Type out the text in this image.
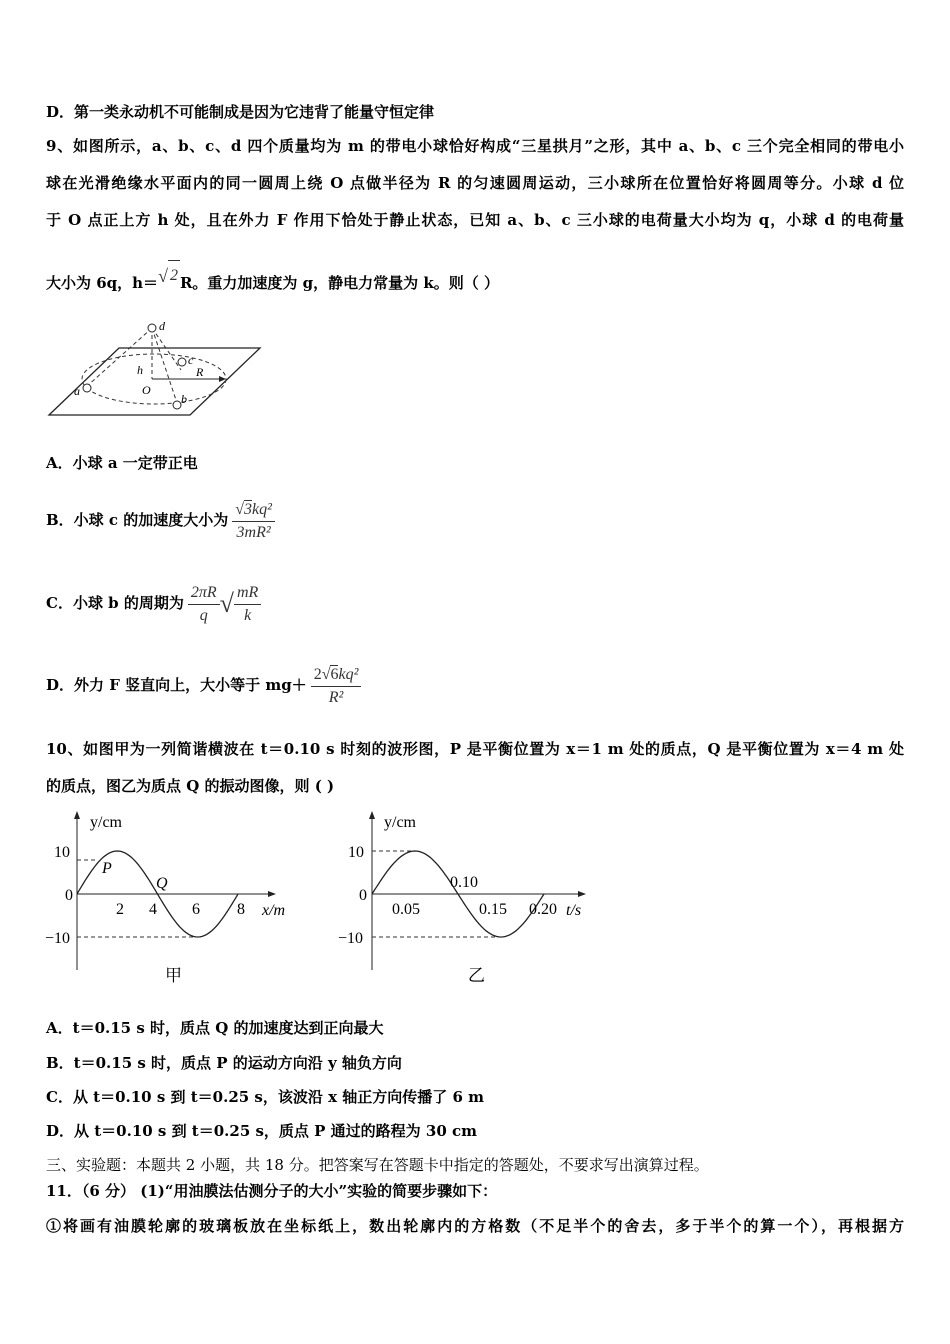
D．第一类永动机不可能制成是因为它违背了能量守恒定律
9、如图所示，a、b、c、d 四个质量均为 m 的带电小球恰好构成“三星拱月”之形，其中 a、b、c 三个完全相同的带电小
球在光滑绝缘水平面内的同一圆周上绕 O 点做半径为 R 的匀速圆周运动，三小球所在位置恰好将圆周等分。小球 d 位
于 O 点正上方 h 处，且在外力 F 作用下恰处于静止状态，已知 a、b、c 三小球的电荷量大小均为 q，小球 d 的电荷量
大小为 6q，h＝√ 2 R。重力加速度为 g，静电力常量为 k。则（ ）
d
c
a
b
h
O
R
A．小球 a 一定带正电
B．小球 c 的加速度大小为 $\frac{\text{√3kq²}}{\text{3mR²}}$
C．小球 b 的周期为 $\frac{2\pi R}{q}$ √ $\frac{mR}{k}$
D．外力 F 竖直向上，大小等于 $mg+ \frac{\text{2√6kq²}}{\text{R²}}$
10、如图甲为一列简谐横波在 t＝0.10 s 时刻的波形图，P 是平衡位置为 x＝1 m 处的质点，Q 是平衡位置为 x＝4 m 处
的质点，图乙为质点 Q 的振动图像，则 ( )
y/cm
10
0
−10
2 4 6 8 x/m
P
Q
甲
y/cm
10
0
−10
0.05
0.10
0.15 0.20 t/s
乙
A．t＝0.15 s 时，质点 Q 的加速度达到正向最大
B．t＝0.15 s 时，质点 P 的运动方向沿 y 轴负方向
C．从 t＝0.10 s 到 t＝0.25 s，该波沿 x 轴正方向传播了 6 m
D．从 t＝0.10 s 到 t＝0.25 s，质点 P 通过的路程为 30 cm
三、实验题：本题共 2 小题，共 18 分。把答案写在答题卡中指定的答题处，不要求写出演算过程。
11．（6 分） (1)“用油膜法估测分子的大小”实验的简要步骤如下：
①将画有油膜轮廓的玻璃板放在坐标纸上，数出轮廓内的方格数（不足半个的舍去，多于半个的算一个），再根据方
